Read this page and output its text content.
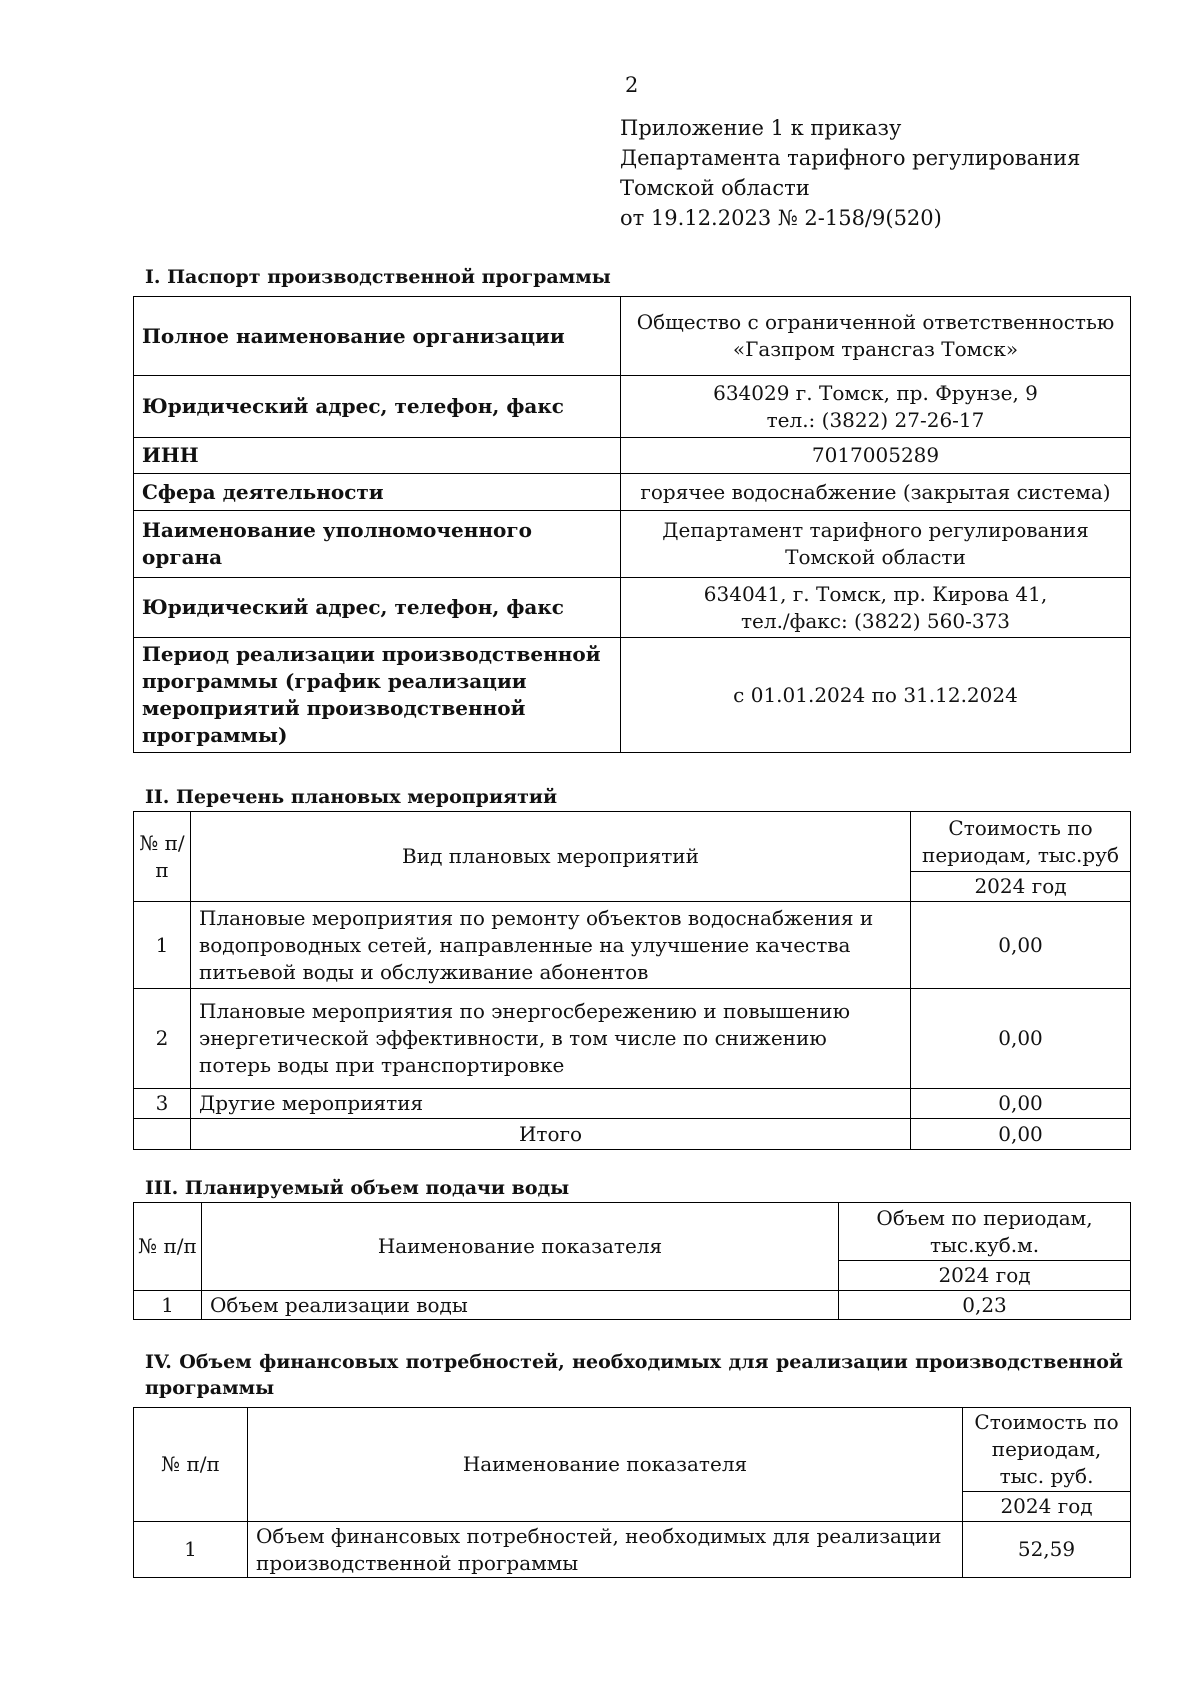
2
Приложение 1 к приказу
Департамента тарифного регулирования
Томской области
от 19.12.2023 № 2-158/9(520)
I. Паспорт производственной программы
Полное наименование организации	Общество с ограниченной ответственностью
«Газпром трансгаз Томск»

Юридический адрес, телефон, факс	634029 г. Томск, пр. Фрунзе, 9
тел.: (3822) 27-26-17

ИНН	7017005289
Сфера деятельности	горячее водоснабжение (закрытая система)
Наименование уполномоченного органа	Департамент тарифного регулирования
Томской области

Юридический адрес, телефон, факс	634041, г. Томск, пр. Кирова 41,
тел./факс: (3822) 560-373

Период реализации производственной программы (график реализации мероприятий производственной программы)	с 01.01.2024 по 31.12.2024
II. Перечень плановых мероприятий
№ п/п	Вид плановых мероприятий	Стоимость по периодам, тыс.руб
		2024 год
1	Плановые мероприятия по ремонту объектов водоснабжения и водопроводных сетей, направленные на улучшение качества питьевой воды и обслуживание абонентов	0,00
2	Плановые мероприятия по энергосбережению и повышению энергетической эффективности, в том числе по снижению потерь воды при транспортировке	0,00
3	Другие мероприятия	0,00
	Итого	0,00
III. Планируемый объем подачи воды
№ п/п	Наименование показателя	Объем по периодам, тыс.куб.м.
		2024 год
1	Объем реализации воды	0,23
IV. Объем финансовых потребностей, необходимых для реализации производственной программы
№ п/п	Наименование показателя	Стоимость по периодам, тыс. руб.
		2024 год
1	Объем финансовых потребностей, необходимых для реализации производственной программы	52,59
